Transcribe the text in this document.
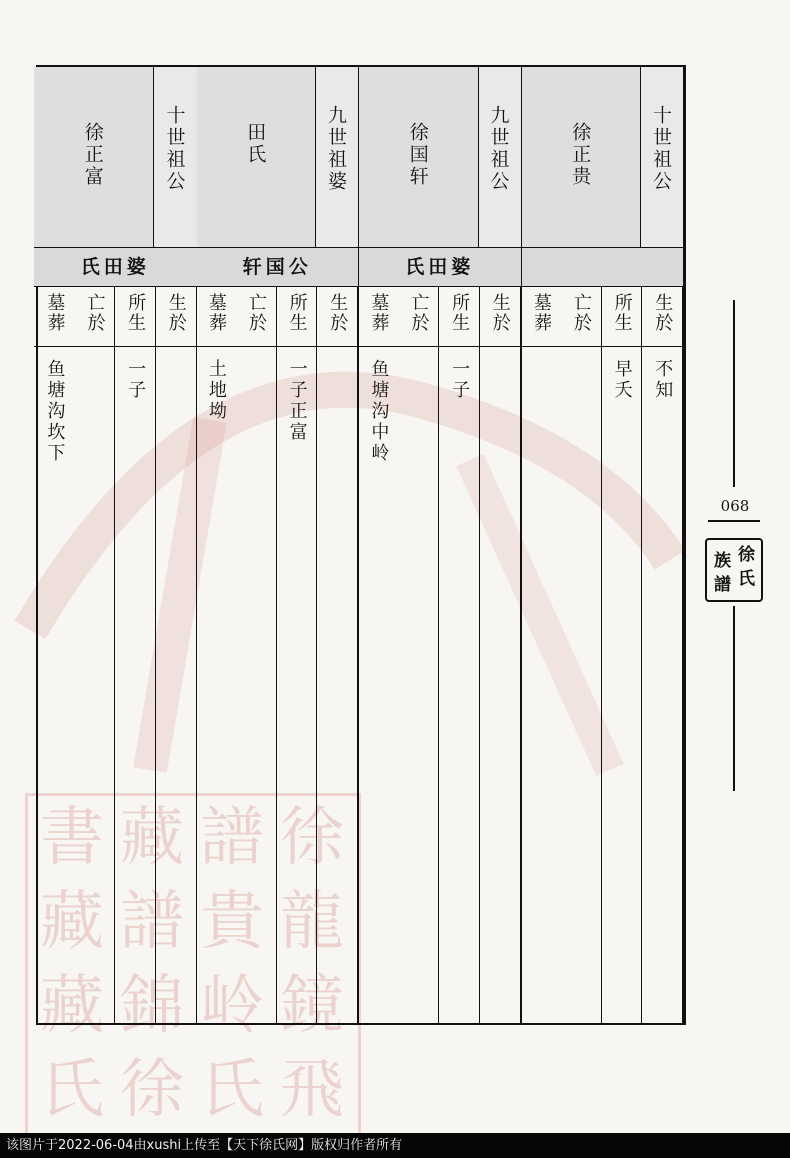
徐
龍
鏡
飛
譜
貴
岭
氏
藏
譜
錦
徐
書
藏
藏
氏
十世祖公
徐正贵
生於
不知
所生
早夭
亡於
墓葬
九世祖公
徐国轩
氏田婆
生於
所生
一子
亡於
墓葬
鱼塘沟中岭
九世祖婆
田氏
轩国公
生於
所生
一子正富
亡於
墓葬
土地坳
十世祖公
徐正富
氏田婆
生於
所生
一子
亡於
墓葬
鱼塘沟坎下
068
徐
氏
族
譜
该图片于2022-06-04由xushi上传至【天下徐氏网】版权归作者所有
